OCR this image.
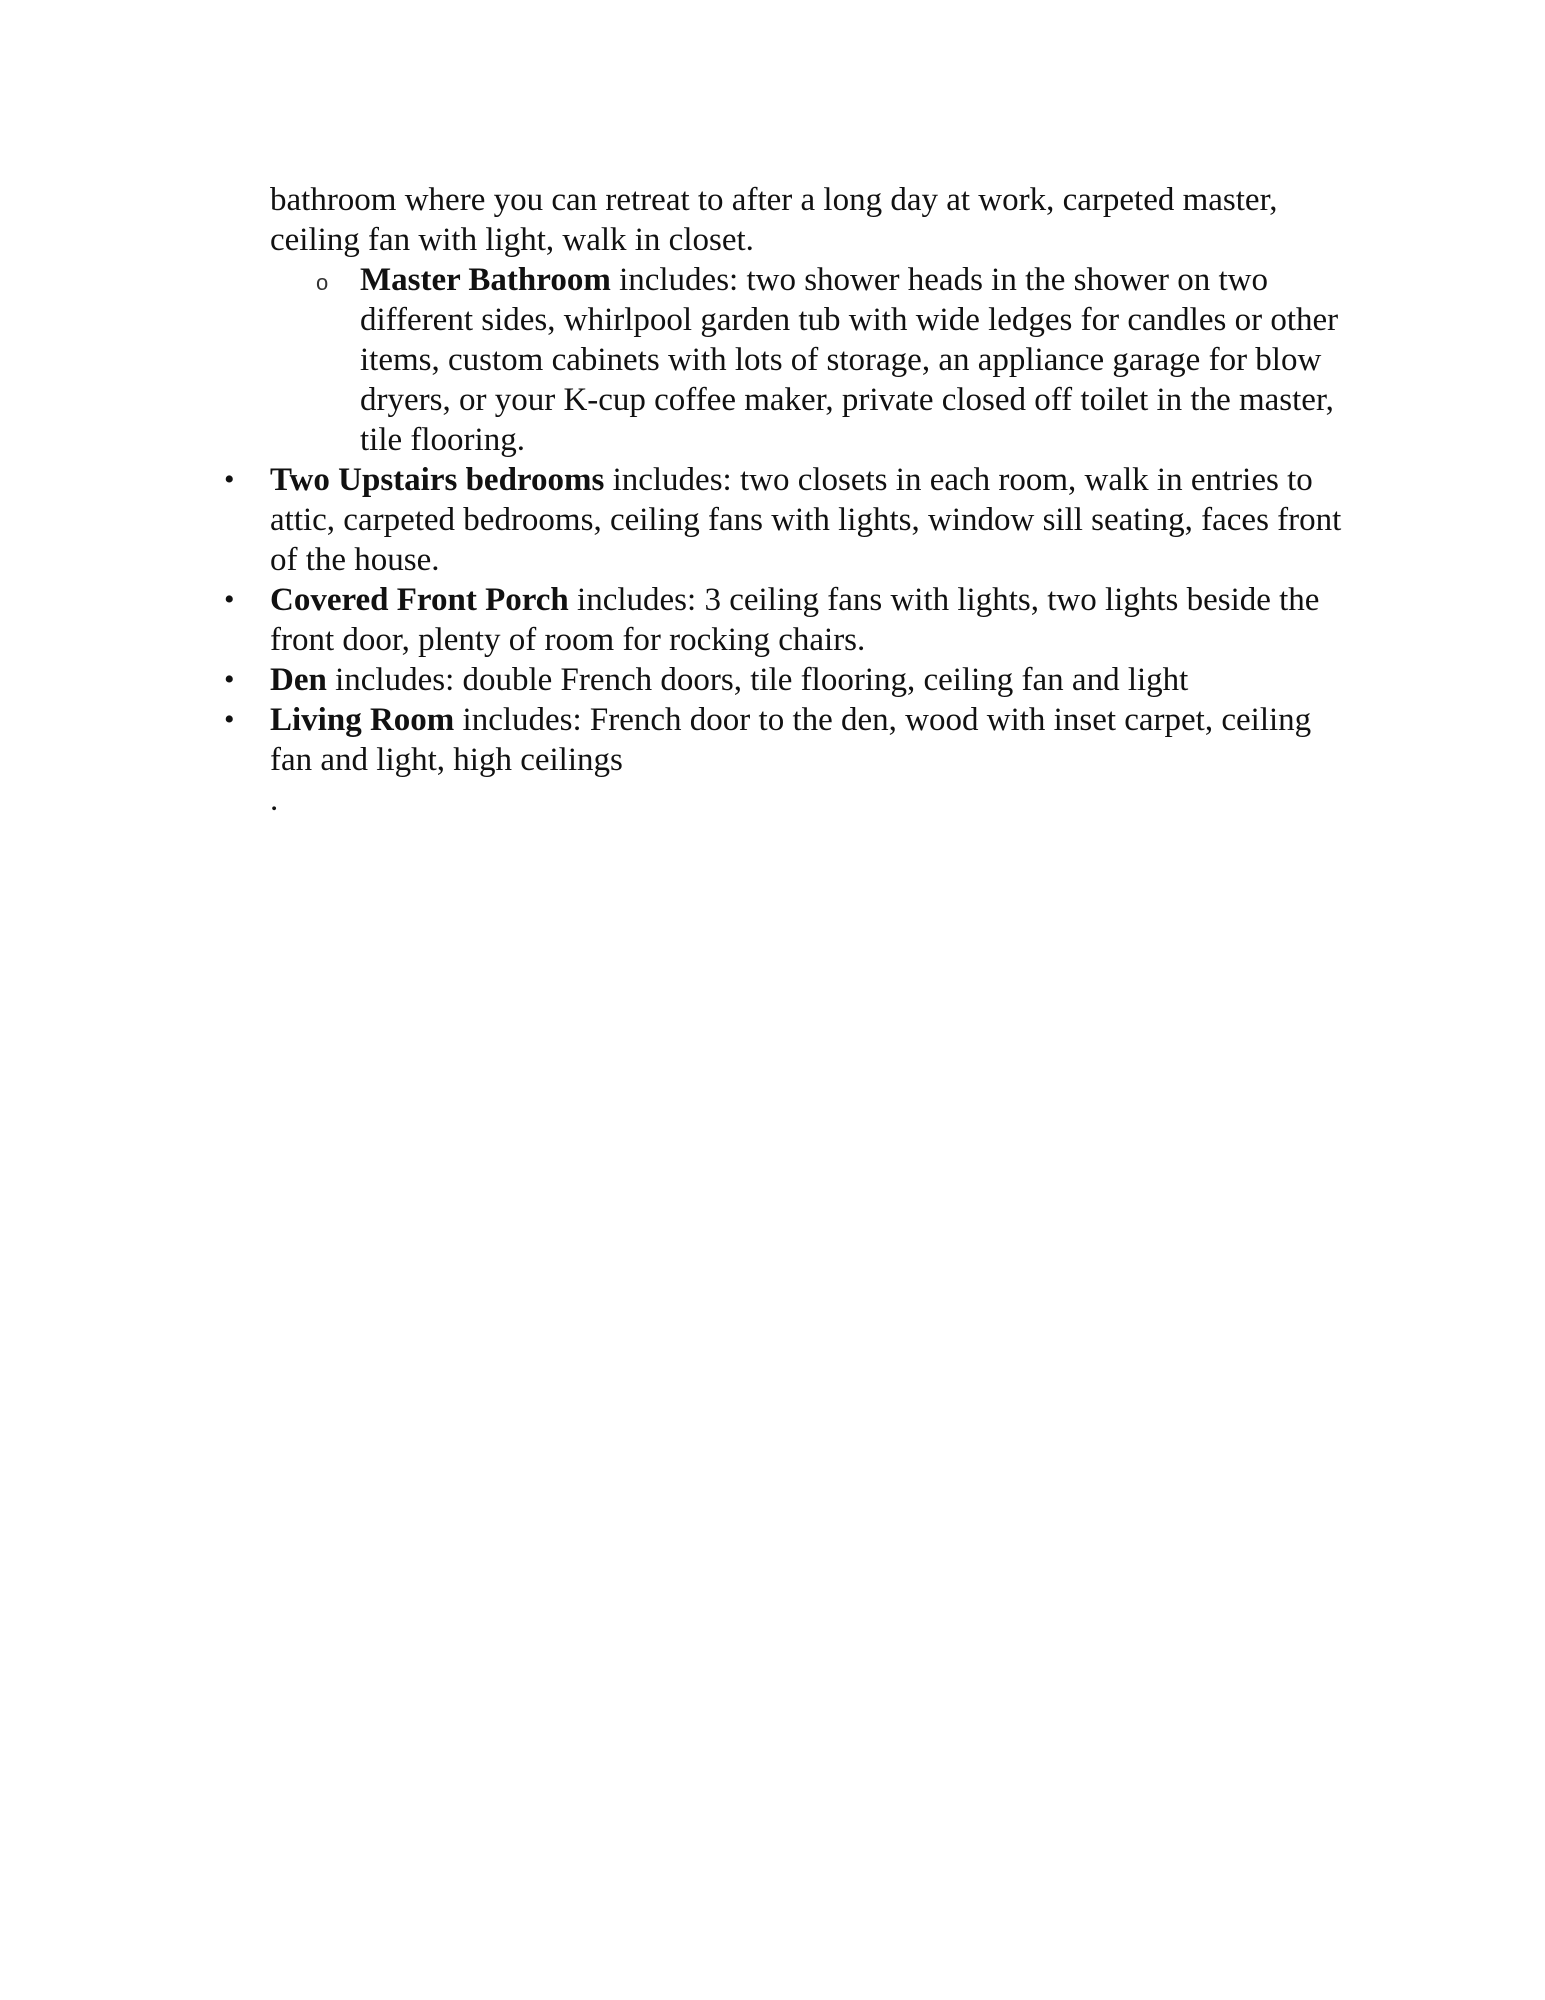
bathroom where you can retreat to after a long day at work, carpeted master, ceiling fan with light, walk in closet.
o Master Bathroom includes: two shower heads in the shower on two different sides, whirlpool garden tub with wide ledges for candles or other items, custom cabinets with lots of storage, an appliance garage for blow dryers, or your K-cup coffee maker, private closed off toilet in the master, tile flooring.
• Two Upstairs bedrooms includes: two closets in each room, walk in entries to attic, carpeted bedrooms, ceiling fans with lights, window sill seating, faces front of the house.
• Covered Front Porch includes: 3 ceiling fans with lights, two lights beside the front door, plenty of room for rocking chairs.
• Den includes: double French doors, tile flooring, ceiling fan and light
• Living Room includes: French door to the den, wood with inset carpet, ceiling fan and light, high ceilings
.
